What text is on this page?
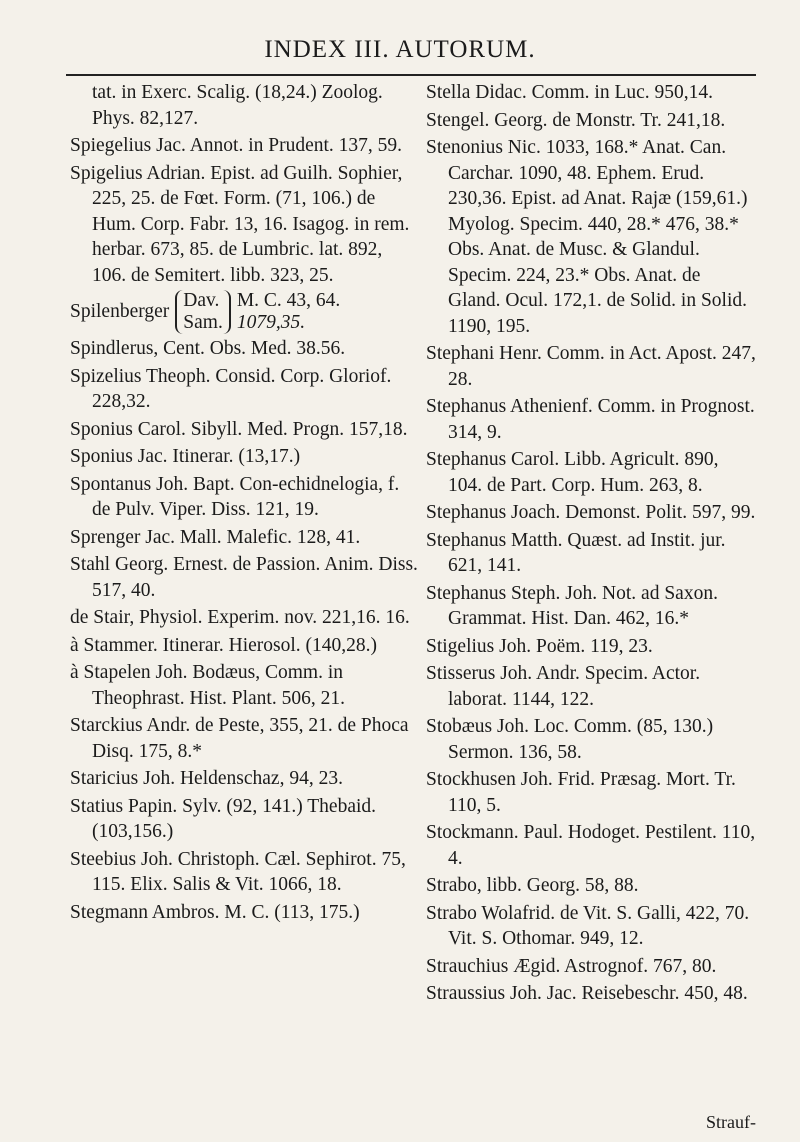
INDEX III. AUTORUM.
tat. in Exerc. Scalig. (18,24.) Zoolog. Phys. 82,127.
Spiegelius Jac. Annot. in Prudent. 137, 59.
Spigelius Adrian. Epist. ad Guilh. Sophier, 225, 25. de Fœt. Form. (71, 106.) de Hum. Corp. Fabr. 13, 16. Isagog. in rem. herbar. 673, 85. de Lumbric. lat. 892, 106. de Semitert. libb. 323, 25.
Spilenberger
Dav.
Sam.
M. C. 43, 64.
1079,35.
Spindlerus, Cent. Obs. Med. 38.56.
Spizelius Theoph. Consid. Corp. Gloriof. 228,32.
Sponius Carol. Sibyll. Med. Progn. 157,18.
Sponius Jac. Itinerar. (13,17.)
Spontanus Joh. Bapt. Con-echidnelogia, f. de Pulv. Viper. Diss. 121, 19.
Sprenger Jac. Mall. Malefic. 128, 41.
Stahl Georg. Ernest. de Passion. Anim. Diss. 517, 40.
de Stair, Physiol. Experim. nov. 221,16. 16.
à Stammer. Itinerar. Hierosol. (140,28.)
à Stapelen Joh. Bodæus, Comm. in Theophrast. Hist. Plant. 506, 21.
Starckius Andr. de Peste, 355, 21. de Phoca Disq. 175, 8.*
Staricius Joh. Heldenschaz, 94, 23.
Statius Papin. Sylv. (92, 141.) Thebaid. (103,156.)
Steebius Joh. Christoph. Cæl. Sephirot. 75, 115. Elix. Salis & Vit. 1066, 18.
Stegmann Ambros. M. C. (113, 175.)
Stella Didac. Comm. in Luc. 950,14.
Stengel. Georg. de Monstr. Tr. 241,18.
Stenonius Nic. 1033, 168.* Anat. Can. Carchar. 1090, 48. Ephem. Erud. 230,36. Epist. ad Anat. Rajæ (159,61.) Myolog. Specim. 440, 28.* 476, 38.* Obs. Anat. de Musc. & Glandul. Specim. 224, 23.* Obs. Anat. de Gland. Ocul. 172,1. de Solid. in Solid. 1190, 195.
Stephani Henr. Comm. in Act. Apost. 247, 28.
Stephanus Athenienf. Comm. in Prognost. 314, 9.
Stephanus Carol. Libb. Agricult. 890, 104. de Part. Corp. Hum. 263, 8.
Stephanus Joach. Demonst. Polit. 597, 99.
Stephanus Matth. Quæst. ad Instit. jur. 621, 141.
Stephanus Steph. Joh. Not. ad Saxon. Grammat. Hist. Dan. 462, 16.*
Stigelius Joh. Poëm. 119, 23.
Stisserus Joh. Andr. Specim. Actor. laborat. 1144, 122.
Stobæus Joh. Loc. Comm. (85, 130.) Sermon. 136, 58.
Stockhusen Joh. Frid. Præsag. Mort. Tr. 110, 5.
Stockmann. Paul. Hodoget. Pestilent. 110, 4.
Strabo, libb. Georg. 58, 88.
Strabo Wolafrid. de Vit. S. Galli, 422, 70. Vit. S. Othomar. 949, 12.
Strauchius Ægid. Astrognof. 767, 80.
Straussius Joh. Jac. Reisebeschr. 450, 48.
Strauf-
